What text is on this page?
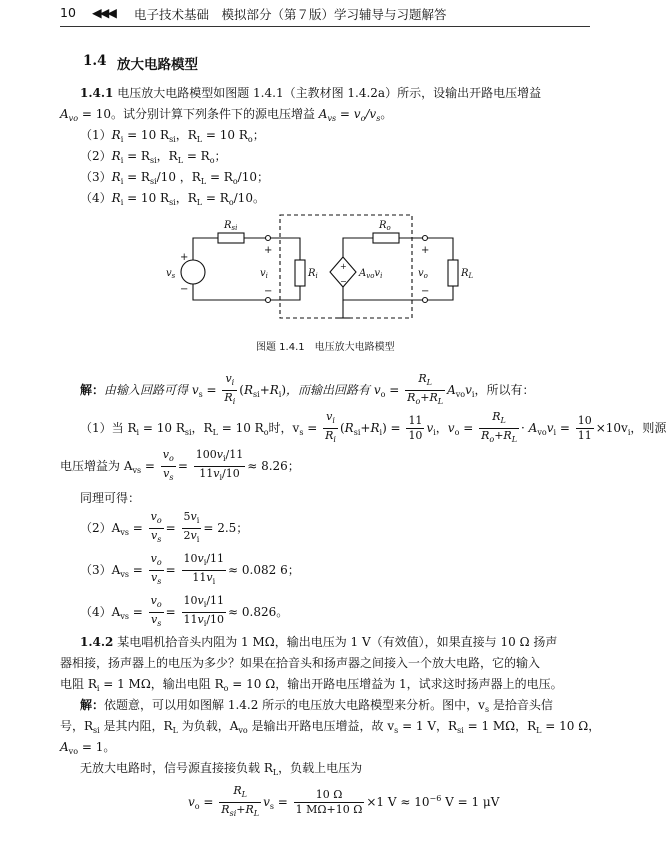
10 ◀◀◀ 电子技术基础　模拟部分（第７版）学习辅导与习题解答
1.4 放大电路模型
1.4.1 电压放大电路模型如图题 1.4.1（主教材图 1.4.2a）所示，设输出开路电压增益
$A_{vo} = 10$。试分别计算下列条件下的源电压增益 $A_{vs} = v_o/v_s$。
$(1)R_i = 10$ $R_{si}$，$R_L = 10$ $R_o$；
$(2)R_i = R_{si}$，$R_L = R_o$；
$(3)R_i = R_{si}/10$ ，$R_L = R_o/10$；
$(4)R_i = 10$ $R_{si}$，$R_L = R_o/10$。
$R_{si}$	$R_o$
$v_s$
+
−
+
−
$v_i$	$R_i$
+
−
$A_{vo}v_i$
+
−
$v_o$	$R_L$
图题 1.4.1　电压放大电路模型
解：由输入回路可得 $v_s = \frac{v_i}{R_i} (R_{si}+R_i)$，而输出回路有 $v_o = \frac{R_L}{R_o+R_L} A_{vo}v_i$，所以有：
（1）当 $R_i = 10$ $R_{si}$，$R_L = 10$ $R_o$时，$v_s = \frac{v_i}{R_i} (R_{si}+R_i) = \frac{11}{10} v_i$，$v_o = \frac{R_L}{R_o+R_L} \cdot A_{vo}v_i = \frac{10}{11} \times 10v_i$，则源
电压增益为 $A_{vs} = \frac{v_o}{v_s} = \frac{100v_i/11}{11v_i/10} \approx 8.26$；
同理可得：
$(2)A_{vs} = \frac{v_o}{v_s} = \frac{5v_i}{2v_i} = 2.5$；
$(3)A_{vs} = \frac{v_o}{v_s} = \frac{10v_i/11}{11v_i} \approx 0.082$ 6；
$(4)A_{vs} = \frac{v_o}{v_s} = \frac{10v_i/11}{11v_i/10} \approx 0.826$。
1.4.2 某电唱机拾音头内阻为 1 MΩ，输出电压为 1 V（有效值），如果直接与 10 Ω 扬声
器相接，扬声器上的电压为多少？如果在拾音头和扬声器之间接入一个放大电路，它的输入
电阻 $R_i = 1$ MΩ，输出电阻 $R_o = 10$ Ω，输出开路电压增益为 1，试求这时扬声器上的电压。
解：依题意，可以用如图解 1.4.2 所示的电压放大电路模型来分析。图中，$v_s$ 是拾音头信
号，$R_{si}$ 是其内阻，$R_L$ 为负载，$A_{vo}$ 是输出开路电压增益，故 $v_s = 1$ V，$R_{si} = 1$ MΩ，$R_L = 10$ Ω，
$A_{vo} = 1$。
无放大电路时，信号源直接接负载 $R_L$，负载上电压为
$v_o = \frac{R_L}{R_{si}+R_L} v_s = \frac{10 \Omega}{1 M\Omega+10 \Omega} \times 1$ $V \approx 10^{-6}$ V = 1 μV
